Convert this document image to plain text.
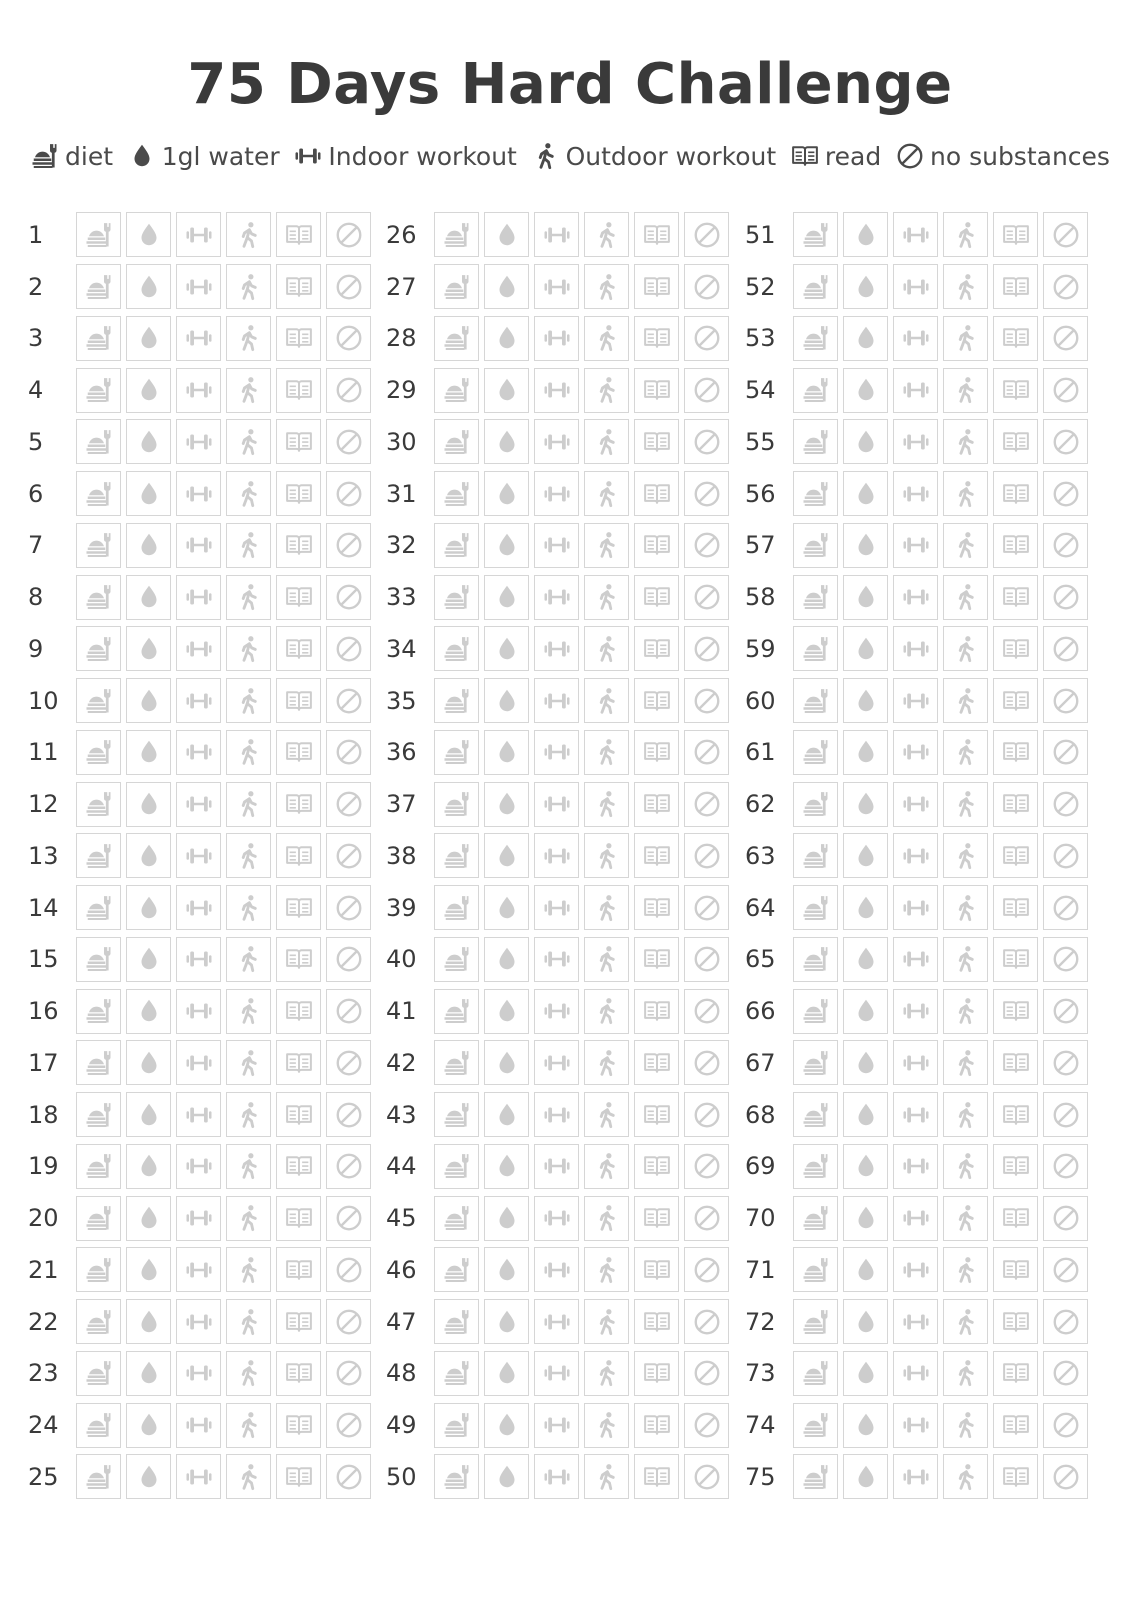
75 Days Hard Challenge
diet 1gl water Indoor workout Outdoor workout read no substances
1
2
3
4
5
6
7
8
9
10
11
12
13
14
15
16
17
18
19
20
21
22
23
24
25
26
27
28
29
30
31
32
33
34
35
36
37
38
39
40
41
42
43
44
45
46
47
48
49
50
51
52
53
54
55
56
57
58
59
60
61
62
63
64
65
66
67
68
69
70
71
72
73
74
75
